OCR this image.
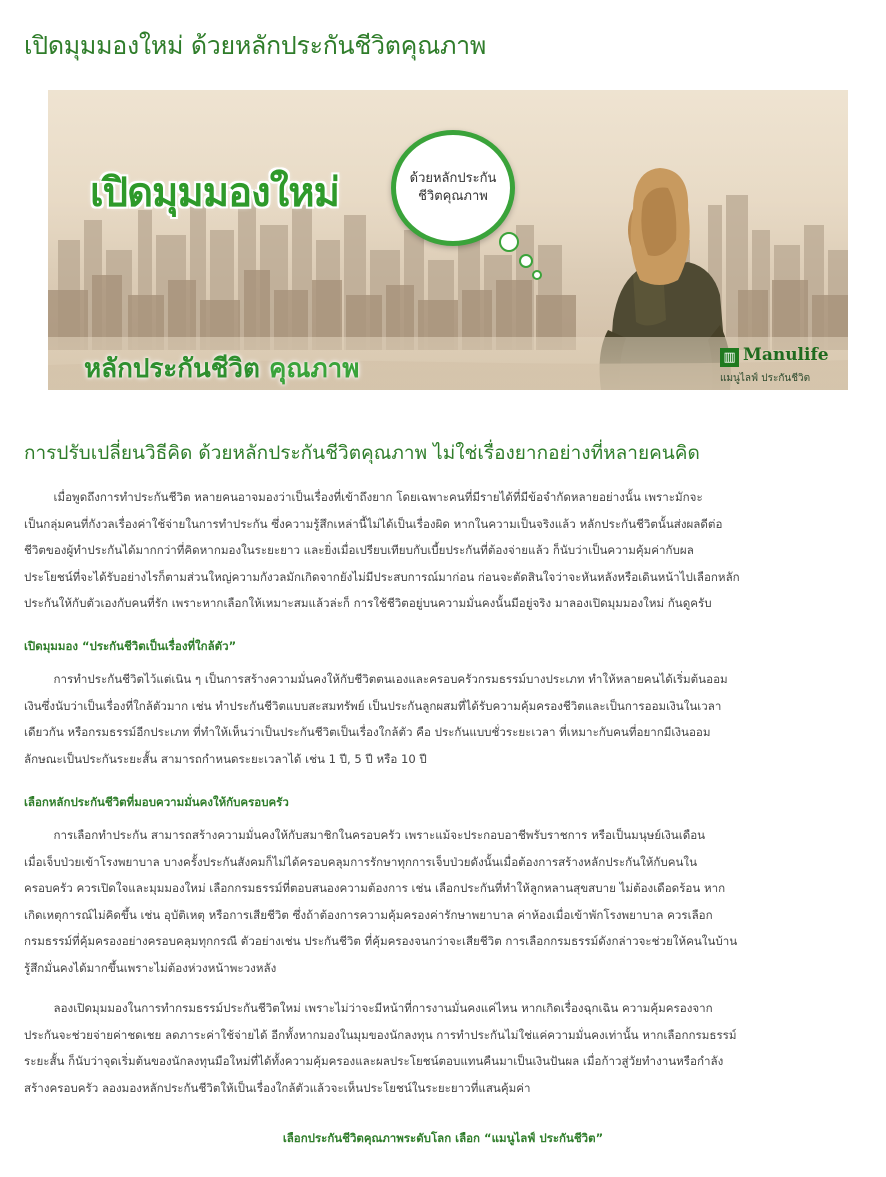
เปิดมุมมองใหม่ ด้วยหลักประกันชีวิตคุณภาพ
เปิดมุมมองใหม่	ด้วยหลักประกัน
ชีวิตคุณภาพ
หลักประกันชีวิต คุณภาพ	▥ Manulife
แมนูไลฟ์ ประกันชีวิต
การปรับเปลี่ยนวิธีคิด ด้วยหลักประกันชีวิตคุณภาพ ไม่ใช่เรื่องยากอย่างที่หลายคนคิด

เมื่อพูดถึงการทำประกันชีวิต หลายคนอาจมองว่าเป็นเรื่องที่เข้าถึงยาก โดยเฉพาะคนที่มีรายได้ที่มีข้อจำกัดหลายอย่างนั้น เพราะมักจะ
เป็นกลุ่มคนที่กังวลเรื่องค่าใช้จ่ายในการทำประกัน ซึ่งความรู้สึกเหล่านี้ไม่ได้เป็นเรื่องผิด หากในความเป็นจริงแล้ว หลักประกันชีวิตนั้นส่งผลดีต่อ
ชีวิตของผู้ทำประกันได้มากกว่าที่คิดหากมองในระยะยาว และยิ่งเมื่อเปรียบเทียบกับเบี้ยประกันที่ต้องจ่ายแล้ว ก็นับว่าเป็นความคุ้มค่ากับผล
ประโยชน์ที่จะได้รับอย่างไรก็ตามส่วนใหญ่ความกังวลมักเกิดจากยังไม่มีประสบการณ์มาก่อน ก่อนจะตัดสินใจว่าจะหันหลังหรือเดินหน้าไปเลือกหลัก
ประกันให้กับตัวเองกับคนที่รัก เพราะหากเลือกให้เหมาะสมแล้วล่ะก็ การใช้ชีวิตอยู่บนความมั่นคงนั้นมีอยู่จริง มาลองเปิดมุมมองใหม่ กันดูครับ

เปิดมุมมอง “ประกันชีวิตเป็นเรื่องที่ใกล้ตัว”

การทำประกันชีวิตไว้แต่เนิน ๆ เป็นการสร้างความมั่นคงให้กับชีวิตตนเองและครอบครัวกรมธรรม์บางประเภท ทำให้หลายคนได้เริ่มต้นออม
เงินซึ่งนับว่าเป็นเรื่องที่ใกล้ตัวมาก เช่น ทำประกันชีวิตแบบสะสมทรัพย์ เป็นประกันลูกผสมที่ได้รับความคุ้มครองชีวิตและเป็นการออมเงินในเวลา
เดียวกัน หรือกรมธรรม์อีกประเภท ที่ทำให้เห็นว่าเป็นประกันชีวิตเป็นเรื่องใกล้ตัว คือ ประกันแบบชั่วระยะเวลา ที่เหมาะกับคนที่อยากมีเงินออม
ลักษณะเป็นประกันระยะสั้น สามารถกำหนดระยะเวลาได้ เช่น 1 ปี, 5 ปี หรือ 10 ปี

เลือกหลักประกันชีวิตที่มอบความมั่นคงให้กับครอบครัว

การเลือกทำประกัน สามารถสร้างความมั่นคงให้กับสมาชิกในครอบครัว เพราะแม้จะประกอบอาชีพรับราชการ หรือเป็นมนุษย์เงินเดือน
เมื่อเจ็บป่วยเข้าโรงพยาบาล บางครั้งประกันสังคมก็ไม่ได้ครอบคลุมการรักษาทุกการเจ็บป่วยดังนั้นเมื่อต้องการสร้างหลักประกันให้กับคนใน
ครอบครัว ควรเปิดใจและมุมมองใหม่ เลือกกรมธรรม์ที่ตอบสนองความต้องการ เช่น เลือกประกันที่ทำให้ลูกหลานสุขสบาย ไม่ต้องเดือดร้อน หาก
เกิดเหตุการณ์ไม่คิดขึ้น เช่น อุบัติเหตุ หรือการเสียชีวิต ซึ่งถ้าต้องการความคุ้มครองค่ารักษาพยาบาล ค่าห้องเมื่อเข้าพักโรงพยาบาล ควรเลือก
กรมธรรม์ที่คุ้มครองอย่างครอบคลุมทุกกรณี ตัวอย่างเช่น ประกันชีวิต ที่คุ้มครองจนกว่าจะเสียชีวิต การเลือกกรมธรรม์ดังกล่าวจะช่วยให้คนในบ้าน
รู้สึกมั่นคงได้มากขึ้นเพราะไม่ต้องห่วงหน้าพะวงหลัง

ลองเปิดมุมมองในการทำกรมธรรม์ประกันชีวิตใหม่ เพราะไม่ว่าจะมีหน้าที่การงานมั่นคงแค่ไหน หากเกิดเรื่องฉุกเฉิน ความคุ้มครองจาก
ประกันจะช่วยจ่ายค่าชดเชย ลดภาระค่าใช้จ่ายได้ อีกทั้งหากมองในมุมของนักลงทุน การทำประกันไม่ใช่แค่ความมั่นคงเท่านั้น หากเลือกกรมธรรม์
ระยะสั้น ก็นับว่าจุดเริ่มต้นของนักลงทุนมือใหม่ที่ได้ทั้งความคุ้มครองและผลประโยชน์ตอบแทนคืนมาเป็นเงินปันผล เมื่อก้าวสู่วัยทำงานหรือกำลัง
สร้างครอบครัว ลองมองหลักประกันชีวิตให้เป็นเรื่องใกล้ตัวแล้วจะเห็นประโยชน์ในระยะยาวที่แสนคุ้มค่า

เลือกประกันชีวิตคุณภาพระดับโลก เลือก “แมนูไลฟ์ ประกันชีวิต”
